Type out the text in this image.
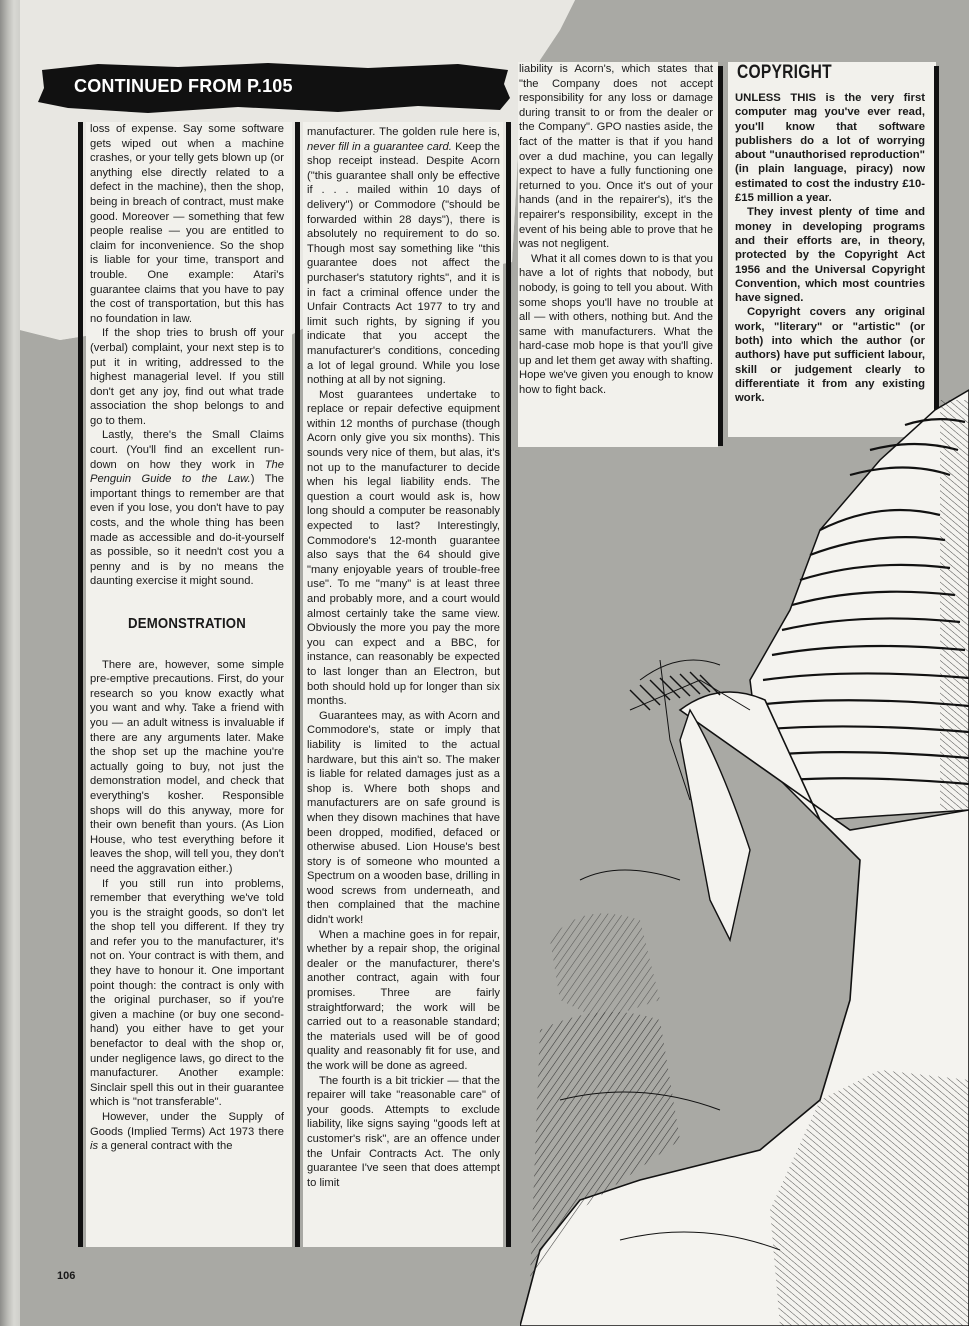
CONTINUED FROM P.105

loss of expense. Say some software gets wiped out when a machine crashes, or your telly gets blown up (or anything else directly related to a defect in the machine), then the shop, being in breach of contract, must make good. Moreover — something that few people realise — you are entitled to claim for inconvenience. So the shop is liable for your time, transport and trouble. One example: Atari's guarantee claims that you have to pay the cost of transportation, but this has no foundation in law.

If the shop tries to brush off your (verbal) complaint, your next step is to put it in writing, addressed to the highest managerial level. If you still don't get any joy, find out what trade association the shop belongs to and go to them.

Lastly, there's the Small Claims court. (You'll find an excellent run-down on how they work in The Penguin Guide to the Law.) The important things to remember are that even if you lose, you don't have to pay costs, and the whole thing has been made as accessible and do-it-yourself as possible, so it needn't cost you a penny and is by no means the daunting exercise it might sound.

DEMONSTRATION

There are, however, some simple pre-emptive precautions. First, do your research so you know exactly what you want and why. Take a friend with you — an adult witness is invaluable if there are any arguments later. Make the shop set up the machine you're actually going to buy, not just the demonstration model, and check that everything's kosher. Responsible shops will do this anyway, more for their own benefit than yours. (As Lion House, who test everything before it leaves the shop, will tell you, they don't need the aggravation either.)

If you still run into problems, remember that everything we've told you is the straight goods, so don't let the shop tell you different. If they try and refer you to the manufacturer, it's not on. Your contract is with them, and they have to honour it. One important point though: the contract is only with the original purchaser, so if you're given a machine (or buy one second-hand) you either have to get your benefactor to deal with the shop or, under negligence laws, go direct to the manufacturer. Another example: Sinclair spell this out in their guarantee which is "not transferable".

However, under the Supply of Goods (Implied Terms) Act 1973 there is a general contract with the

manufacturer. The golden rule here is, never fill in a guarantee card. Keep the shop receipt instead. Despite Acorn ("this guarantee shall only be effective if . . . mailed within 10 days of delivery") or Commodore ("should be forwarded within 28 days"), there is absolutely no requirement to do so. Though most say something like "this guarantee does not affect the purchaser's statutory rights", and it is in fact a criminal offence under the Unfair Contracts Act 1977 to try and limit such rights, by signing if you indicate that you accept the manufacturer's conditions, conceding a lot of legal ground. While you lose nothing at all by not signing.

Most guarantees undertake to replace or repair defective equipment within 12 months of purchase (though Acorn only give you six months). This sounds very nice of them, but alas, it's not up to the manufacturer to decide when his legal liability ends. The question a court would ask is, how long should a computer be reasonably expected to last? Interestingly, Commodore's 12-month guarantee also says that the 64 should give "many enjoyable years of trouble-free use". To me "many" is at least three and probably more, and a court would almost certainly take the same view. Obviously the more you pay the more you can expect and a BBC, for instance, can reasonably be expected to last longer than an Electron, but both should hold up for longer than six months.

Guarantees may, as with Acorn and Commodore's, state or imply that liability is limited to the actual hardware, but this ain't so. The maker is liable for related damages just as a shop is. Where both shops and manufacturers are on safe ground is when they disown machines that have been dropped, modified, defaced or otherwise abused. Lion House's best story is of someone who mounted a Spectrum on a wooden base, drilling in wood screws from underneath, and then complained that the machine didn't work!

When a machine goes in for repair, whether by a repair shop, the original dealer or the manufacturer, there's another contract, again with four promises. Three are fairly straightforward; the work will be carried out to a reasonable standard; the materials used will be of good quality and reasonably fit for use, and the work will be done as agreed.

The fourth is a bit trickier — that the repairer will take "reasonable care" of your goods. Attempts to exclude liability, like signs saying "goods left at customer's risk", are an offence under the Unfair Contracts Act. The only guarantee I've seen that does attempt to limit

liability is Acorn's, which states that "the Company does not accept responsibility for any loss or damage during transit to or from the dealer or the Company". GPO nasties aside, the fact of the matter is that if you hand over a dud machine, you can legally expect to have a fully functioning one returned to you. Once it's out of your hands (and in the repairer's), it's the repairer's responsibility, except in the event of his being able to prove that he was not negligent.

What it all comes down to is that you have a lot of rights that nobody, but nobody, is going to tell you about. With some shops you'll have no trouble at all — with others, nothing but. And the same with manufacturers. What the hard-case mob hope is that you'll give up and let them get away with shafting. Hope we've given you enough to know how to fight back.

COPYRIGHT

UNLESS THIS is the very first computer mag you've ever read, you'll know that software publishers do a lot of worrying about "unauthorised reproduction" (in plain language, piracy) now estimated to cost the industry £10-£15 million a year.

They invest plenty of time and money in developing programs and their efforts are, in theory, protected by the Copyright Act 1956 and the Universal Copyright Convention, which most countries have signed.

Copyright covers any original work, "literary" or "artistic" (or both) into which the author (or authors) have put sufficient labour, skill or judgement clearly to differentiate it from any existing work.

106
